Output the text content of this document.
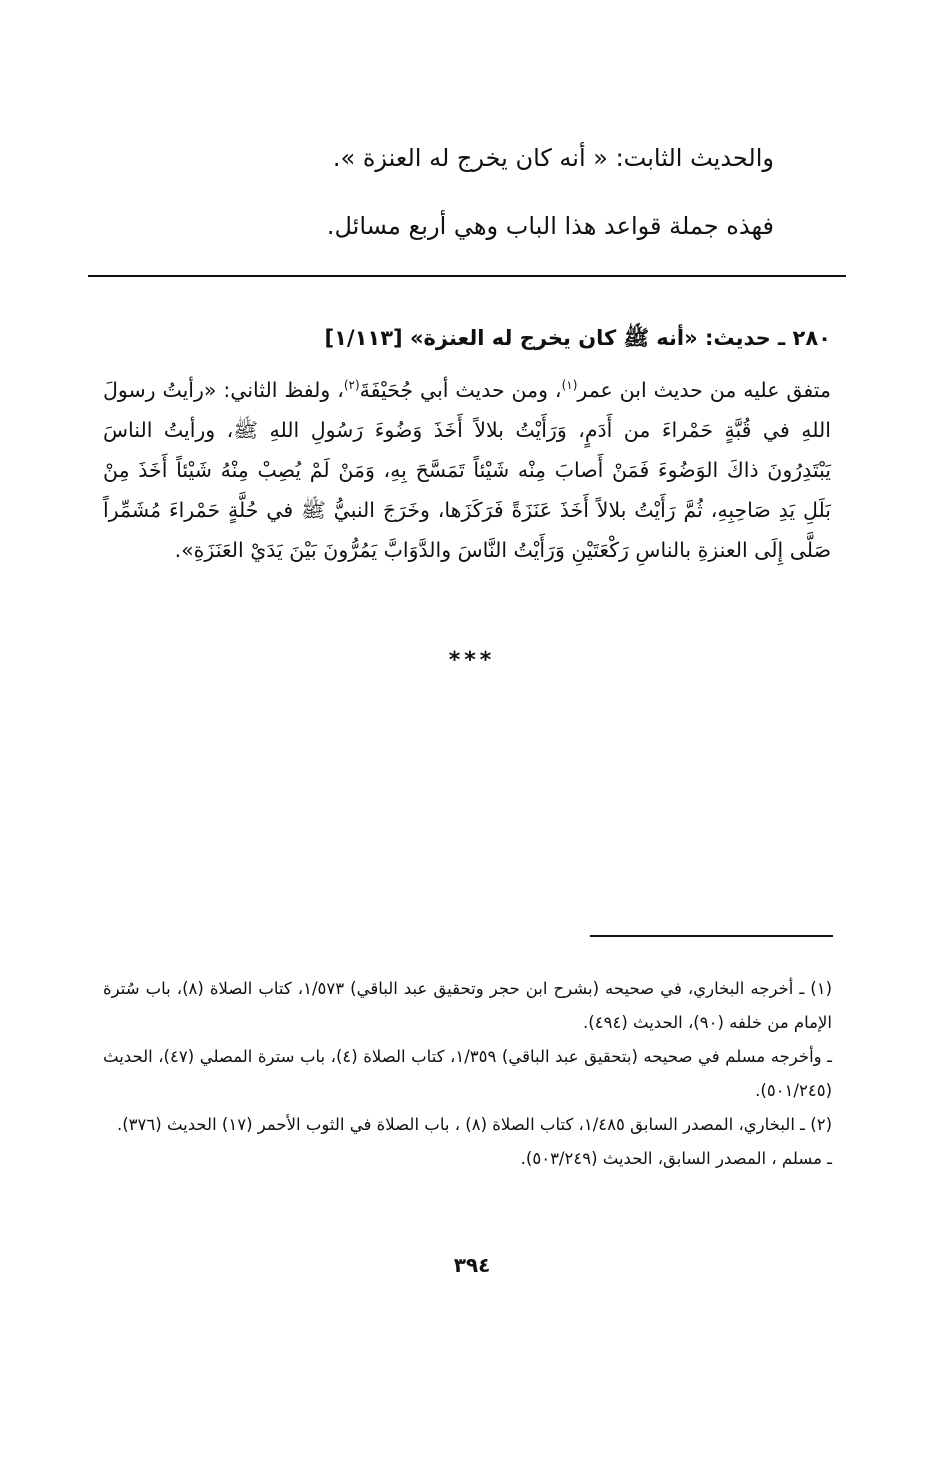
والحديث الثابت: « أنه كان يخرج له العنزة ».
فهذه جملة قواعد هذا الباب وهي أربع مسائل.
٢٨٠ ـ حديث: «أنه ﷺ كان يخرج له العنزة» [١/١١٣]
متفق عليه من حديث ابن عمر$^{(١)}$، ومن حديث أبي جُحَيْفَةَ$^{(٢)}$، ولفظ الثاني: «رأيتُ رسولَ اللهِ في قُبَّةٍ حَمْراءَ من أَدَمٍ، وَرَأَيْتُ بلالاً أَخَذَ وَضُوءَ رَسُولِ اللهِ ﷺ، ورأيتُ الناسَ يَبْتَدِرُونَ ذاكَ الوَضُوءَ فَمَنْ أَصابَ مِنْه شَيْئاً تَمَسَّحَ بِهِ، وَمَنْ لَمْ يُصِبْ مِنْهُ شَيْئاً أَخَذَ مِنْ بَلَلِ يَدِ صَاحِبِهِ، ثُمَّ رَأَيْتُ بلالاً أَخَذَ عَنَزَةً فَرَكَزَها، وخَرَجَ النبيُّ ﷺ في حُلَّةٍ حَمْراءَ مُشَمِّراً صَلَّى إِلَى العنزةِ بالناسِ رَكْعَتَيْنِ وَرَأَيْتُ النَّاسَ والدَّوَابَّ يَمُرُّونَ بَيْنَ يَدَيْ العَنَزَةِ».
***
(١) ـ أخرجه البخاري، في صحيحه (بشرح ابن حجر وتحقيق عبد الباقي) ١/٥٧٣، كتاب الصلاة (٨)، باب سُترة الإمام من خلفه (٩٠)، الحديث (٤٩٤).
ـ وأخرجه مسلم في صحيحه (بتحقيق عبد الباقي) ١/٣٥٩، كتاب الصلاة (٤)، باب سترة المصلي (٤٧)، الحديث (٥٠١/٢٤٥).
(٢) ـ البخاري، المصدر السابق ١/٤٨٥، كتاب الصلاة (٨) ، باب الصلاة في الثوب الأحمر (١٧) الحديث (٣٧٦).
ـ مسلم ، المصدر السابق، الحديث (٥٠٣/٢٤٩).
٣٩٤
